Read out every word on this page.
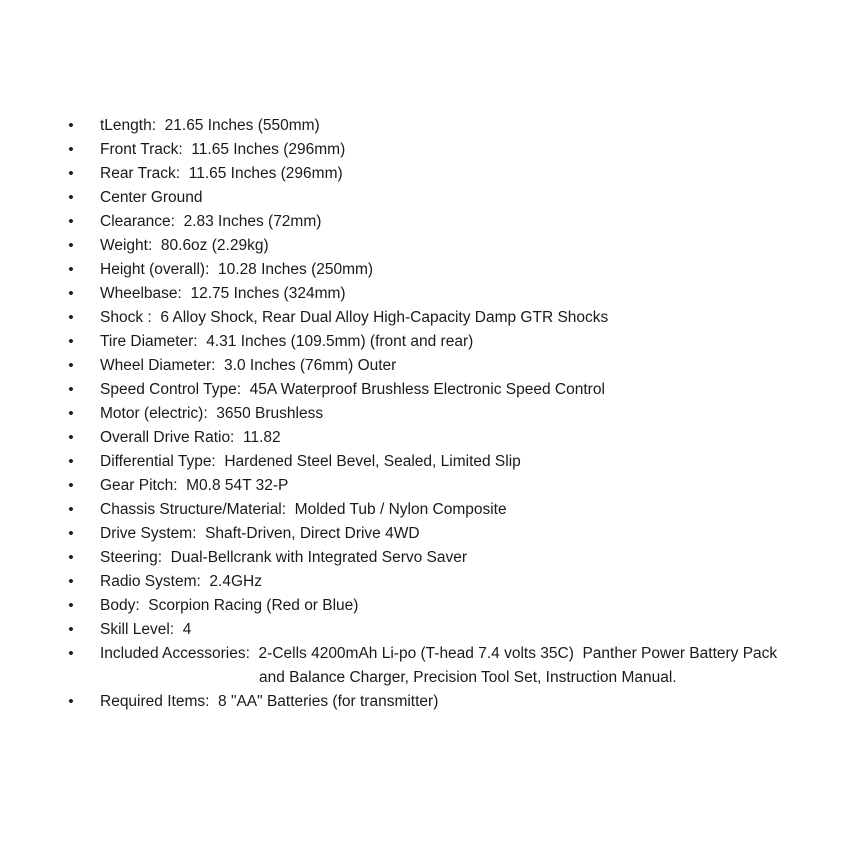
• tLength:  21.65 Inches (550mm)
• Front Track:  11.65 Inches (296mm)
• Rear Track:  11.65 Inches (296mm)
• Center Ground
• Clearance:  2.83 Inches (72mm)
• Weight:  80.6oz (2.29kg)
• Height (overall):  10.28 Inches (250mm)
• Wheelbase:  12.75 Inches (324mm)
• Shock :  6 Alloy Shock, Rear Dual Alloy High-Capacity Damp GTR Shocks
• Tire Diameter:  4.31 Inches (109.5mm) (front and rear)
• Wheel Diameter:  3.0 Inches (76mm) Outer
• Speed Control Type:  45A Waterproof Brushless Electronic Speed Control
• Motor (electric):  3650 Brushless
• Overall Drive Ratio:  11.82
• Differential Type:  Hardened Steel Bevel, Sealed, Limited Slip
• Gear Pitch:  M0.8 54T 32-P
• Chassis Structure/Material:  Molded Tub / Nylon Composite
• Drive System:  Shaft-Driven, Direct Drive 4WD
• Steering:  Dual-Bellcrank with Integrated Servo Saver
• Radio System:  2.4GHz
• Body:  Scorpion Racing (Red or Blue)
• Skill Level:  4
• Included Accessories:  2-Cells 4200mAh Li-po (T-head 7.4 volts 35C)  Panther Power Battery Pack
and Balance Charger, Precision Tool Set, Instruction Manual.
• Required Items:  8 "AA" Batteries (for transmitter)
